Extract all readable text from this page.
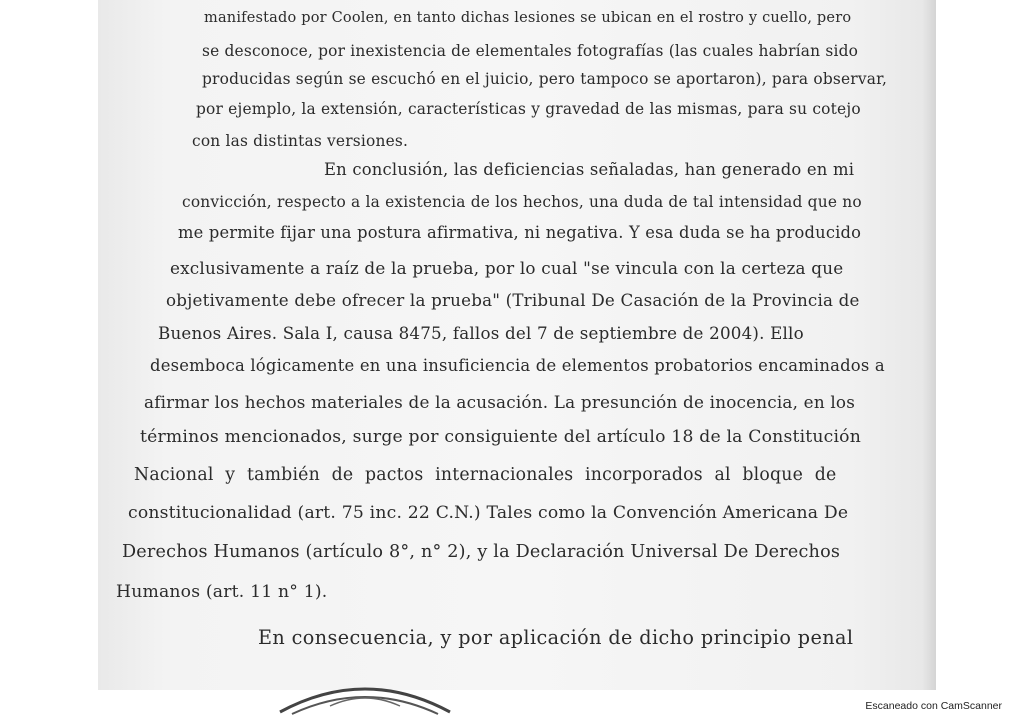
manifestado por Coolen, en tanto dichas lesiones se ubican en el rostro y cuello, pero
se desconoce, por inexistencia de elementales fotografías (las cuales habrían sido
producidas según se escuchó en el juicio, pero tampoco se aportaron), para observar,
por ejemplo, la extensión, características y gravedad de las mismas, para su cotejo
con las distintas versiones.
En conclusión, las deficiencias señaladas, han generado en mi
convicción, respecto a la existencia de los hechos, una duda de tal intensidad que no
me permite fijar una postura afirmativa, ni negativa. Y esa duda se ha producido
exclusivamente a raíz de la prueba, por lo cual "se vincula con la certeza que
objetivamente debe ofrecer la prueba" (Tribunal De Casación de la Provincia de
Buenos Aires. Sala I, causa 8475, fallos del 7 de septiembre de 2004). Ello
desemboca lógicamente en una insuficiencia de elementos probatorios encaminados a
afirmar los hechos materiales de la acusación. La presunción de inocencia, en los
términos mencionados, surge por consiguiente del artículo 18 de la Constitución
Nacional y también de pactos internacionales incorporados al bloque de
constitucionalidad (art. 75 inc. 22 C.N.) Tales como la Convención Americana De
Derechos Humanos (artículo 8°, n° 2), y la Declaración Universal De Derechos
Humanos (art. 11 n° 1).
En consecuencia, y por aplicación de dicho principio penal
Escaneado con CamScanner
